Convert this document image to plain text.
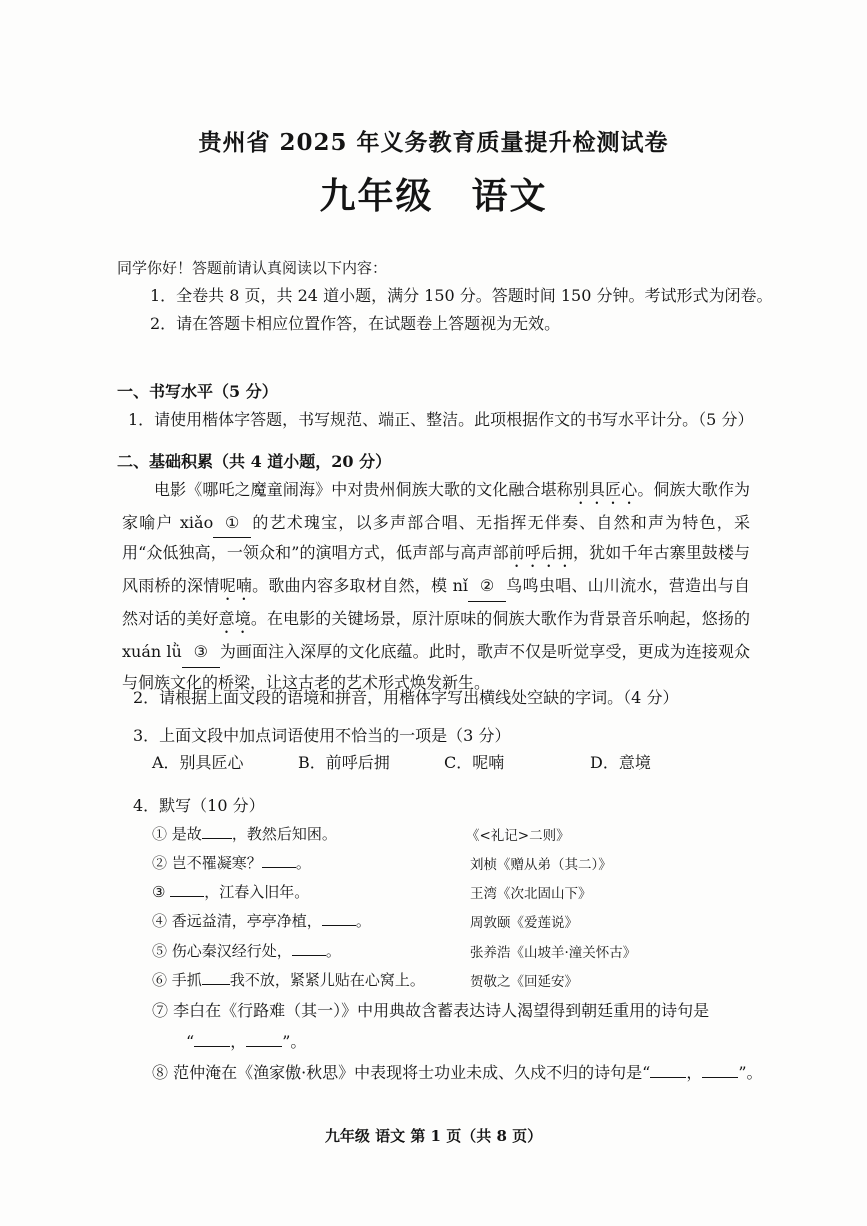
贵州省 2025 年义务教育质量提升检测试卷
九年级　语文
同学你好！答题前请认真阅读以下内容：
1．全卷共 8 页，共 24 道小题，满分 150 分。答题时间 150 分钟。考试形式为闭卷。
2．请在答题卡相应位置作答，在试题卷上答题视为无效。
一、书写水平（5 分）
1．请使用楷体字答题，书写规范、端正、整洁。此项根据作文的书写水平计分。（5 分）
二、基础积累（共 4 道小题，20 分）
电影《哪吒之魔童闹海》中对贵州侗族大歌的文化融合堪称别具匠心。侗族大歌作为家喻户 xiǎo ① 的艺术瑰宝，以多声部合唱、无指挥无伴奏、自然和声为特色，采用“众低独高，一领众和”的演唱方式，低声部与高声部前呼后拥，犹如千年古寨里鼓楼与风雨桥的深情呢喃。歌曲内容多取材自然，模 nǐ ② 鸟鸣虫唱、山川流水，营造出与自然对话的美好意境。在电影的关键场景，原汁原味的侗族大歌作为背景音乐响起，悠扬的 xuán lǜ ③ 为画面注入深厚的文化底蕴。此时，歌声不仅是听觉享受，更成为连接观众与侗族文化的桥梁，让这古老的艺术形式焕发新生。
2．请根据上面文段的语境和拼音，用楷体字写出横线处空缺的字词。（4 分）
3．上面文段中加点词语使用不恰当的一项是（3 分）
A．别具匠心	B．前呼后拥	C．呢喃	D．意境
4．默写（10 分）
① 是故 ，教然后知困。	《<礼记>二则》
② 岂不罹凝寒？ 。	刘桢《赠从弟（其二）》
③	，江春入旧年。	王湾《次北固山下》
④ 香远益清，亭亭净植， 。	周敦颐《爱莲说》
⑤ 伤心秦汉经行处， 。	张养浩《山坡羊·潼关怀古》
⑥ 手抓 我不放，紧紧儿贴在心窝上。	贺敬之《回延安》
⑦ 李白在《行路难（其一）》中用典故含蓄表达诗人渴望得到朝廷重用的诗句是
“ ， ”。
⑧ 范仲淹在《渔家傲·秋思》中表现将士功业未成、久戍不归的诗句是“ ， ”。
九年级 语文 第 1 页（共 8 页）
